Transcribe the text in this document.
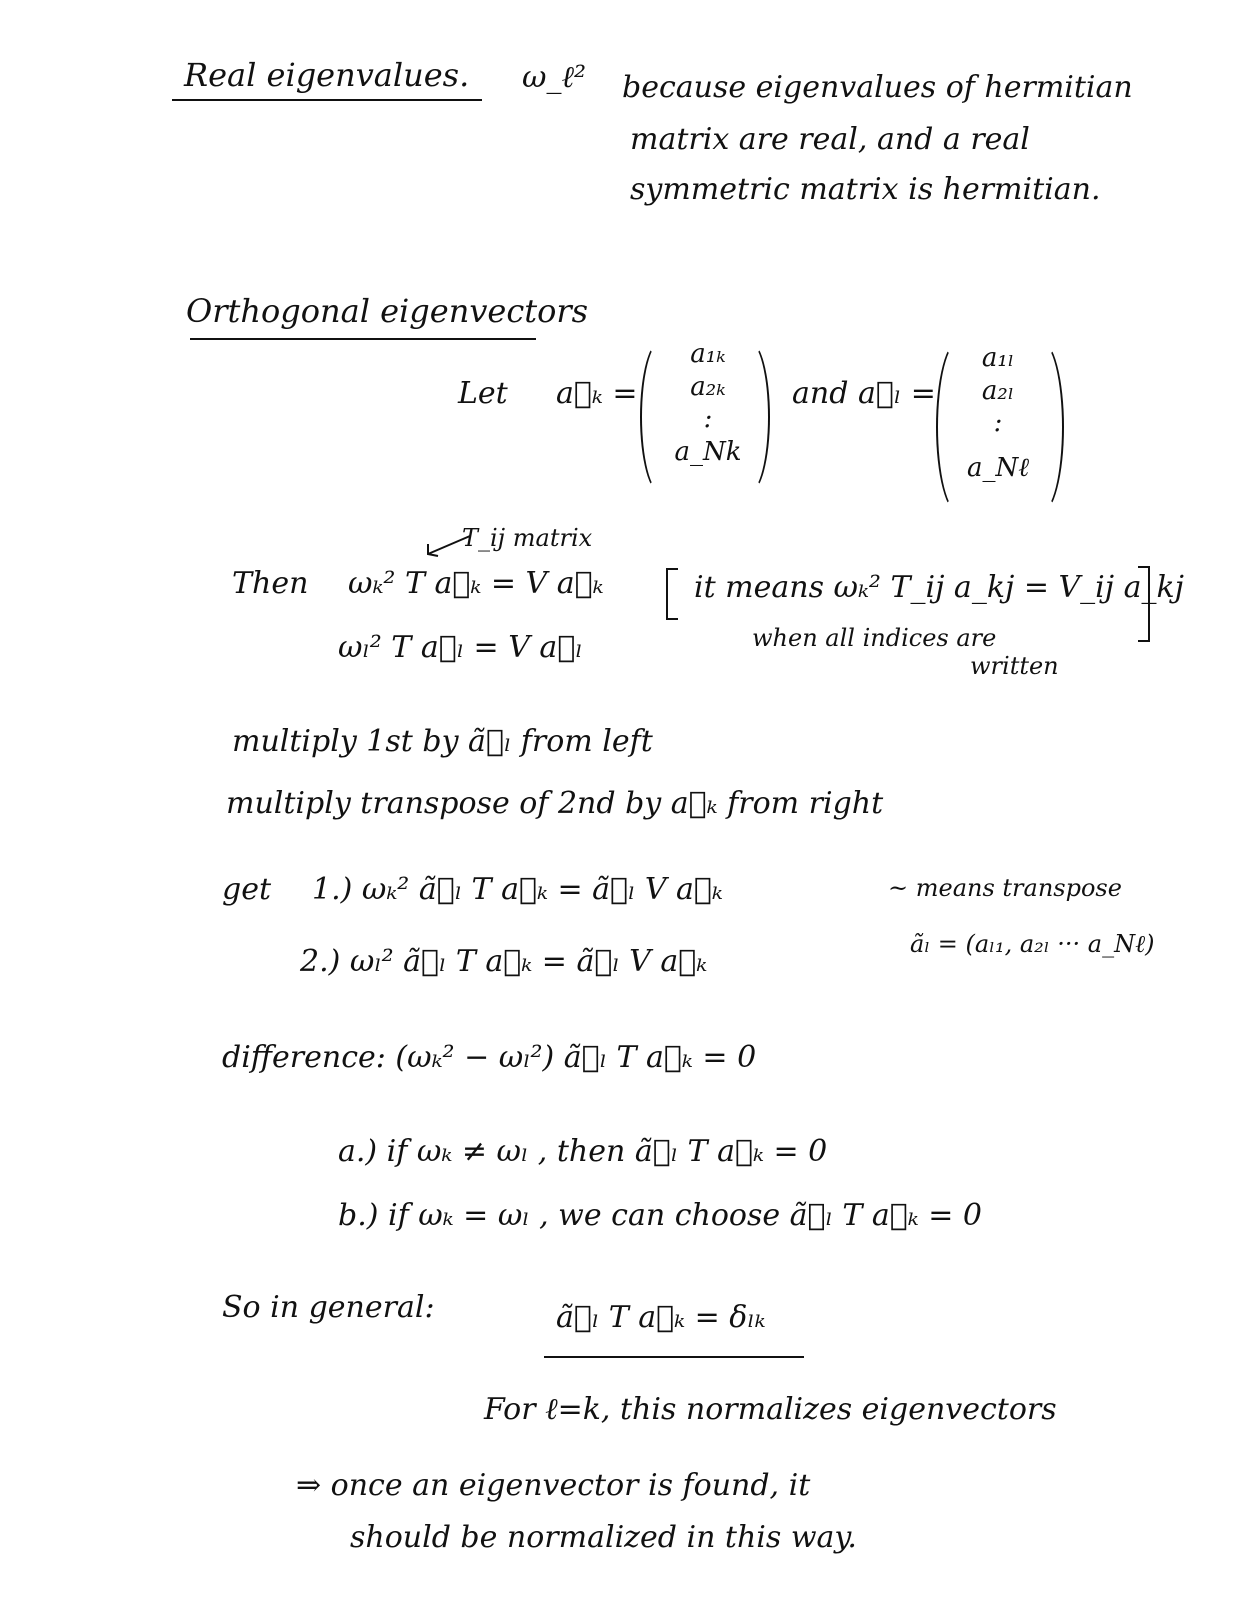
Real eigenvalues. ω_ℓ² because eigenvalues of hermitian
matrix are real, and a real
symmetric matrix is hermitian.
Orthogonal eigenvectors
Let a⃗ₖ =
a₁ₖ
a₂ₖ
:
a_Nk
and a⃗ₗ =
a₁ₗ
a₂ₗ
:
a_Nℓ
T_ij matrix
Then ωₖ² T a⃗ₖ = V a⃗ₖ
ωₗ² T a⃗ₗ = V a⃗ₗ
it means ωₖ² T_ij a_kj = V_ij a_kj
when all indices are
written
multiply 1st by ã⃗ₗ from left
multiply transpose of 2nd by a⃗ₖ from right
get 1.) ωₖ² ã⃗ₗ T a⃗ₖ = ã⃗ₗ V a⃗ₖ
2.) ωₗ² ã⃗ₗ T a⃗ₖ = ã⃗ₗ V a⃗ₖ
~ means transpose
ãₗ = (aₗ₁, a₂ₗ ··· a_Nℓ)
difference: (ωₖ² − ωₗ²) ã⃗ₗ T a⃗ₖ = 0
a.) if ωₖ ≠ ωₗ , then ã⃗ₗ T a⃗ₖ = 0
b.) if ωₖ = ωₗ , we can choose ã⃗ₗ T a⃗ₖ = 0
So in general:	ã⃗ₗ T a⃗ₖ = δₗₖ
For ℓ=k, this normalizes eigenvectors
⇒ once an eigenvector is found, it
should be normalized in this way.
